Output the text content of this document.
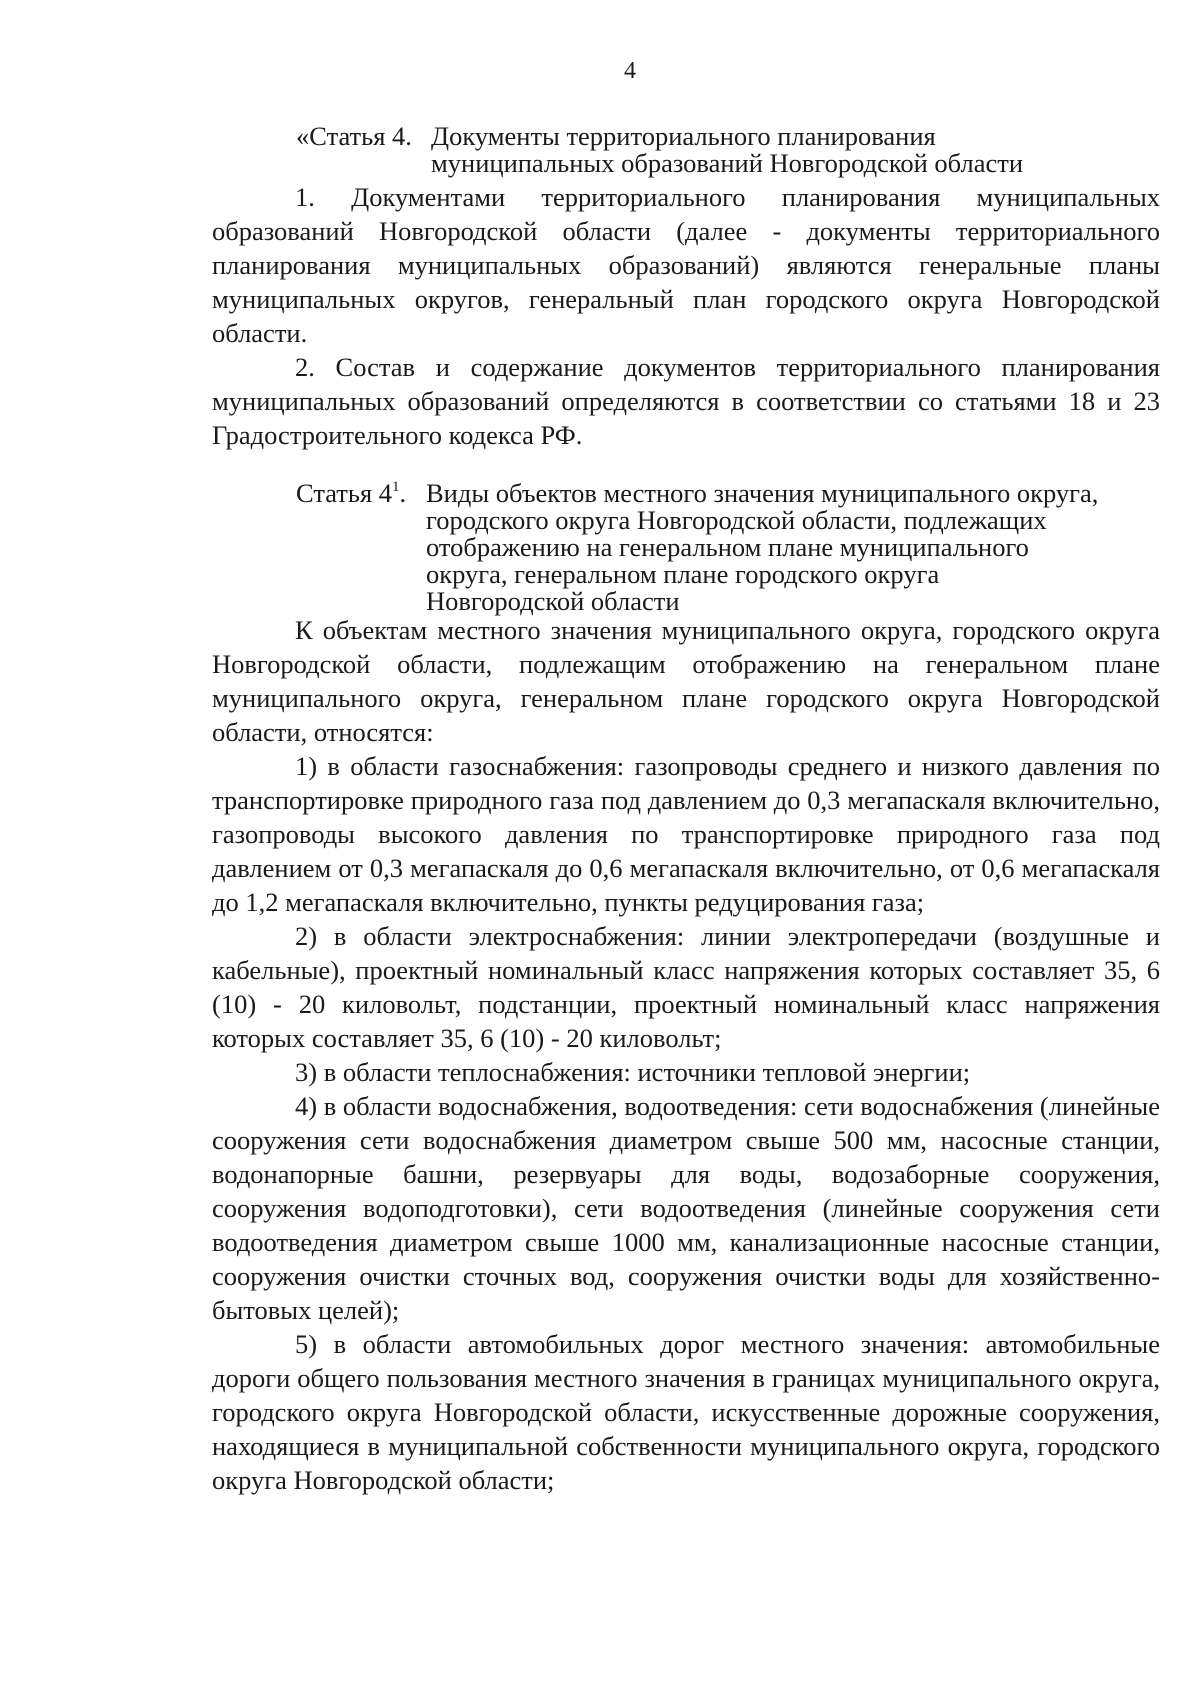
4
«Статья 4. Документы территориального планирования
муниципальных образований Новгородской области

1. Документами территориального планирования муниципальных образований Новгородской области (далее - документы территориального планирования муниципальных образований) являются генеральные планы муниципальных округов, генеральный план городского округа Новгородской области.

2. Состав и содержание документов территориального планирования муниципальных образований определяются в соответствии со статьями 18 и 23 Градостроительного кодекса РФ.

Статья $4^1$. Виды объектов местного значения муниципального округа,
городского округа Новгородской области, подлежащих
отображению на генеральном плане муниципального
округа, генеральном плане городского округа
Новгородской области

К объектам местного значения муниципального округа, городского округа Новгородской области, подлежащим отображению на генеральном плане муниципального округа, генеральном плане городского округа Новгородской области, относятся:

1) в области газоснабжения: газопроводы среднего и низкого давления по транспортировке природного газа под давлением до 0,3 мегапаскаля включительно, газопроводы высокого давления по транспортировке природного газа под давлением от 0,3 мегапаскаля до 0,6 мегапаскаля включительно, от 0,6 мегапаскаля до 1,2 мегапаскаля включительно, пункты редуцирования газа;

2) в области электроснабжения: линии электропередачи (воздушные и кабельные), проектный номинальный класс напряжения которых составляет 35, 6 (10) - 20 киловольт, подстанции, проектный номинальный класс напряжения которых составляет 35, 6 (10) - 20 киловольт;

3) в области теплоснабжения: источники тепловой энергии;

4) в области водоснабжения, водоотведения: сети водоснабжения (линейные сооружения сети водоснабжения диаметром свыше 500 мм, насосные станции, водонапорные башни, резервуары для воды, водозаборные сооружения, сооружения водоподготовки), сети водоотведения (линейные сооружения сети водоотведения диаметром свыше 1000 мм, канализационные насосные станции, сооружения очистки сточных вод, сооружения очистки воды для хозяйственно-бытовых целей);

5) в области автомобильных дорог местного значения: автомобильные дороги общего пользования местного значения в границах муниципального округа, городского округа Новгородской области, искусственные дорожные сооружения, находящиеся в муниципальной собственности муниципального округа, городского округа Новгородской области;
